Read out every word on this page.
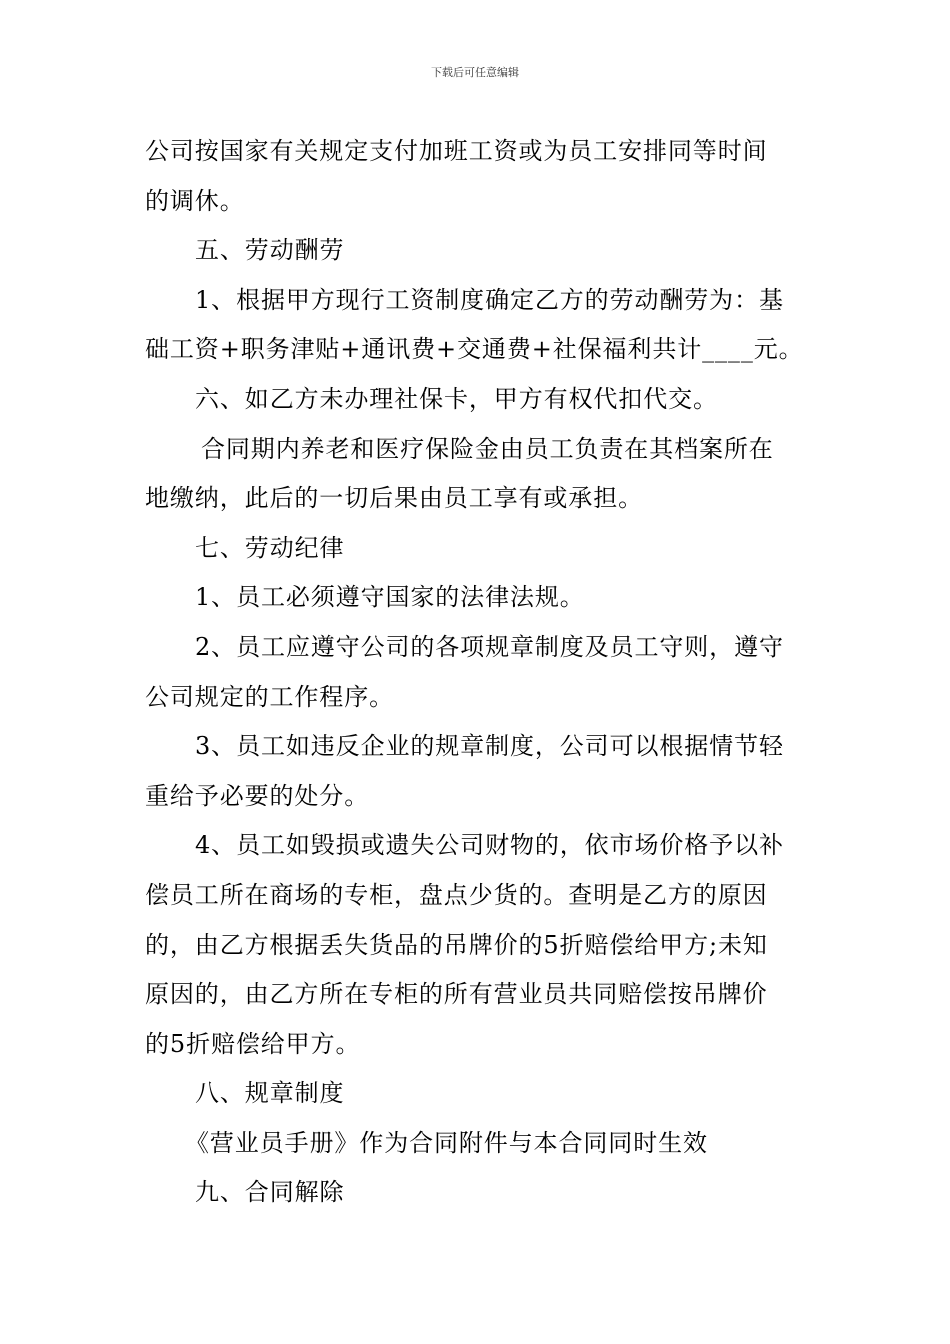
下载后可任意编辑

公司按国家有关规定支付加班工资或为员工安排同等时间

的调休。

五、劳动酬劳

1、根据甲方现行工资制度确定乙方的劳动酬劳为：基

础工资+职务津贴+通讯费+交通费+社保福利共计____元。

六、如乙方未办理社保卡，甲方有权代扣代交。

合同期内养老和医疗保险金由员工负责在其档案所在

地缴纳，此后的一切后果由员工享有或承担。

七、劳动纪律

1、员工必须遵守国家的法律法规。

2、员工应遵守公司的各项规章制度及员工守则，遵守

公司规定的工作程序。

3、员工如违反企业的规章制度，公司可以根据情节轻

重给予必要的处分。

4、员工如毁损或遗失公司财物的，依市场价格予以补

偿员工所在商场的专柜，盘点少货的。查明是乙方的原因

的，由乙方根据丢失货品的吊牌价的5折赔偿给甲方;未知

原因的，由乙方所在专柜的所有营业员共同赔偿按吊牌价

的5折赔偿给甲方。

八、规章制度

《营业员手册》作为合同附件与本合同同时生效

九、合同解除
